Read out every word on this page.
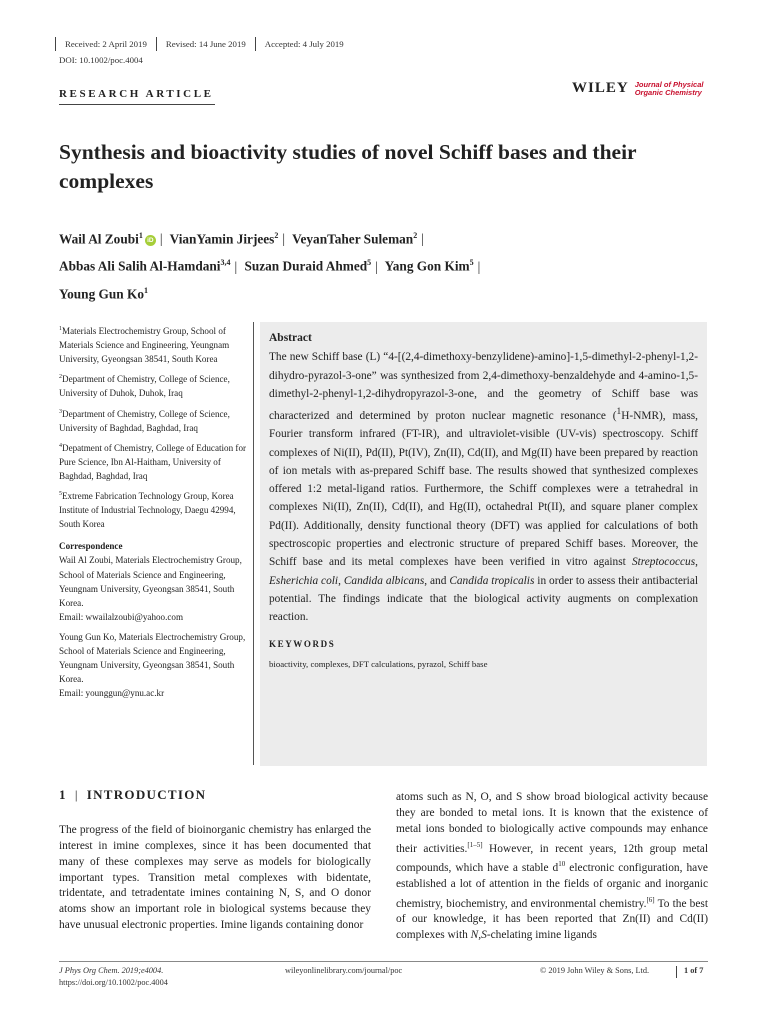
Received: 2 April 2019	Revised: 14 June 2019	Accepted: 4 July 2019
DOI: 10.1002/poc.4004
RESEARCH ARTICLE	WILEY Journal of Physical
Organic Chemistry
Synthesis and bioactivity studies of novel Schiff bases and their complexes
Wail Al Zoubi$^1$iD | VianYamin Jirjees$^2$ | VeyanTaher Suleman$^2$ |
Abbas Ali Salih Al-Hamdani$^{3,4}$ | Suzan Duraid Ahmed$^5$ | Yang Gon Kim$^5$ |
Young Gun Ko$^1$

$^1$Materials Electrochemistry Group, School of Materials Science and Engineering, Yeungnam University, Gyeongsan 38541, South Korea

$^2$Department of Chemistry, College of Science, University of Duhok, Duhok, Iraq

$^3$Department of Chemistry, College of Science, University of Baghdad, Baghdad, Iraq

$^4$Depatment of Chemistry, College of Education for Pure Science, Ibn Al-Haitham, University of Baghdad, Baghdad, Iraq

$^5$Extreme Fabrication Technology Group, Korea Institute of Industrial Technology, Daegu 42994, South Korea

Correspondence
Wail Al Zoubi, Materials Electrochemistry Group, School of Materials Science and Engineering, Yeungnam University, Gyeongsan 38541, South Korea.
Email: wwailalzoubi@yahoo.com
Young Gun Ko, Materials Electrochemistry Group, School of Materials Science and Engineering, Yeungnam University, Gyeongsan 38541, South Korea.
Email: younggun@ynu.ac.kr
Abstract
The new Schiff base (L) “4-[(2,4-dimethoxy-benzylidene)-amino]-1,5-dimethyl-2-phenyl-1,2-dihydro-pyrazol-3-one” was synthesized from 2,4-dimethoxy-benzaldehyde and 4-amino-1,5-dimethyl-2-phenyl-1,2-dihydropyrazol-3-one, and the geometry of Schiff base was characterized and determined by proton nuclear magnetic resonance ($^1$H-NMR), mass, Fourier transform infrared (FT-IR), and ultraviolet-visible (UV-vis) spectroscopy. Schiff complexes of Ni(II), Pd(II), Pt(IV), Zn(II), Cd(II), and Mg(II) have been prepared by reaction of ion metals with as-prepared Schiff base. The results showed that synthesized complexes offered 1:2 metal-ligand ratios. Furthermore, the Schiff complexes were a tetrahedral in complexes Ni(II), Zn(II), Cd(II), and Hg(II), octahedral Pt(II), and square planer complex Pd(II). Additionally, density functional theory (DFT) was applied for calculations of both spectroscopic properties and electronic structure of prepared Schiff bases. Moreover, the Schiff base and its metal complexes have been verified in vitro against Streptococcus, Esherichia coli, Candida albicans, and Candida tropicalis in order to assess their antibacterial potential. The findings indicate that the biological activity augments on complexation reaction.
KEYWORDS
bioactivity, complexes, DFT calculations, pyrazol, Schiff base
1 | INTRODUCTION
The progress of the field of bioinorganic chemistry has enlarged the interest in imine complexes, since it has been documented that many of these complexes may serve as models for biologically important types. Transition metal complexes with bidentate, tridentate, and tetradentate imines containing N, S, and O donor atoms show an important role in biological systems because they have unusual electronic properties. Imine ligands containing donor
atoms such as N, O, and S show broad biological activity because they are bonded to metal ions. It is known that the existence of metal ions bonded to biologically active compounds may enhance their activities.[1–5] However, in recent years, 12th group metal compounds, which have a stable $d^{10}$ electronic configuration, have established a lot of attention in the fields of organic and inorganic chemistry, biochemistry, and environmental chemistry.[6] To the best of our knowledge, it has been reported that Zn(II) and Cd(II) complexes with N,S-chelating imine ligands
J Phys Org Chem. 2019;e4004.
https://doi.org/10.1002/poc.4004
wileyonlinelibrary.com/journal/poc	© 2019 John Wiley & Sons, Ltd.	1 of 7
